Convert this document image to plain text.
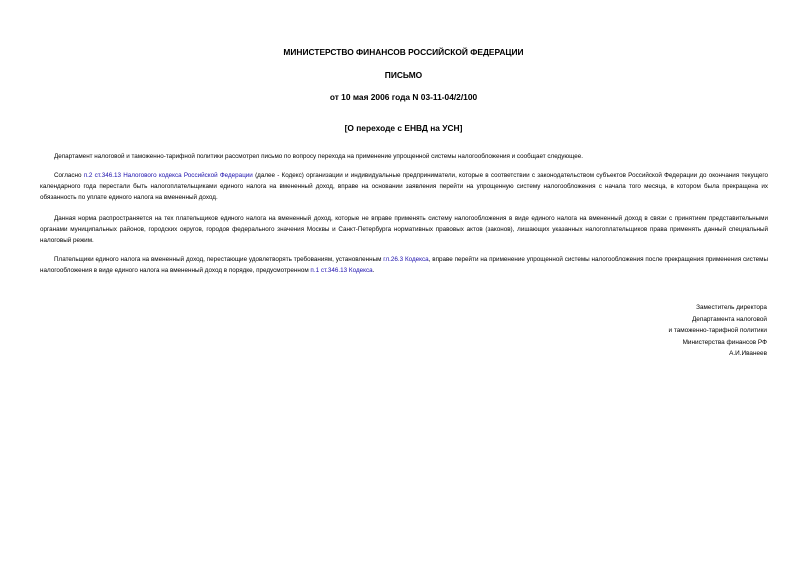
МИНИСТЕРСТВО ФИНАНСОВ РОССИЙСКОЙ ФЕДЕРАЦИИ
ПИСЬМО
от 10 мая 2006 года N 03-11-04/2/100
[О переходе с ЕНВД на УСН]
Департамент налоговой и таможенно-тарифной политики рассмотрел письмо по вопросу перехода на применение упрощенной системы налогообложения и сообщает следующее.
Согласно п.2 ст.346.13 Налогового кодекса Российской Федерации (далее - Кодекс) организации и индивидуальные предприниматели, которые в соответствии с законодательством субъектов Российской Федерации до окончания текущего календарного года перестали быть налогоплательщиками единого налога на вмененный доход, вправе на основании заявления перейти на упрощенную систему налогообложения с начала того месяца, в котором была прекращена их обязанность по уплате единого налога на вмененный доход.
Данная норма распространяется на тех плательщиков единого налога на вмененный доход, которые не вправе применять систему налогообложения в виде единого налога на вмененный доход в связи с принятием представительными органами муниципальных районов, городских округов, городов федерального значения Москвы и Санкт-Петербурга нормативных правовых актов (законов), лишающих указанных налогоплательщиков права применять данный специальный налоговый режим.
Плательщики единого налога на вмененный доход, перестающие удовлетворять требованиям, установленным гл.26.3 Кодекса, вправе перейти на применение упрощенной системы налогообложения после прекращения применения системы налогообложения в виде единого налога на вмененный доход в порядке, предусмотренном п.1 ст.346.13 Кодекса.
Заместитель директора
Департамента налоговой
и таможенно-тарифной политики
Министерства финансов РФ
А.И.Иванеев
